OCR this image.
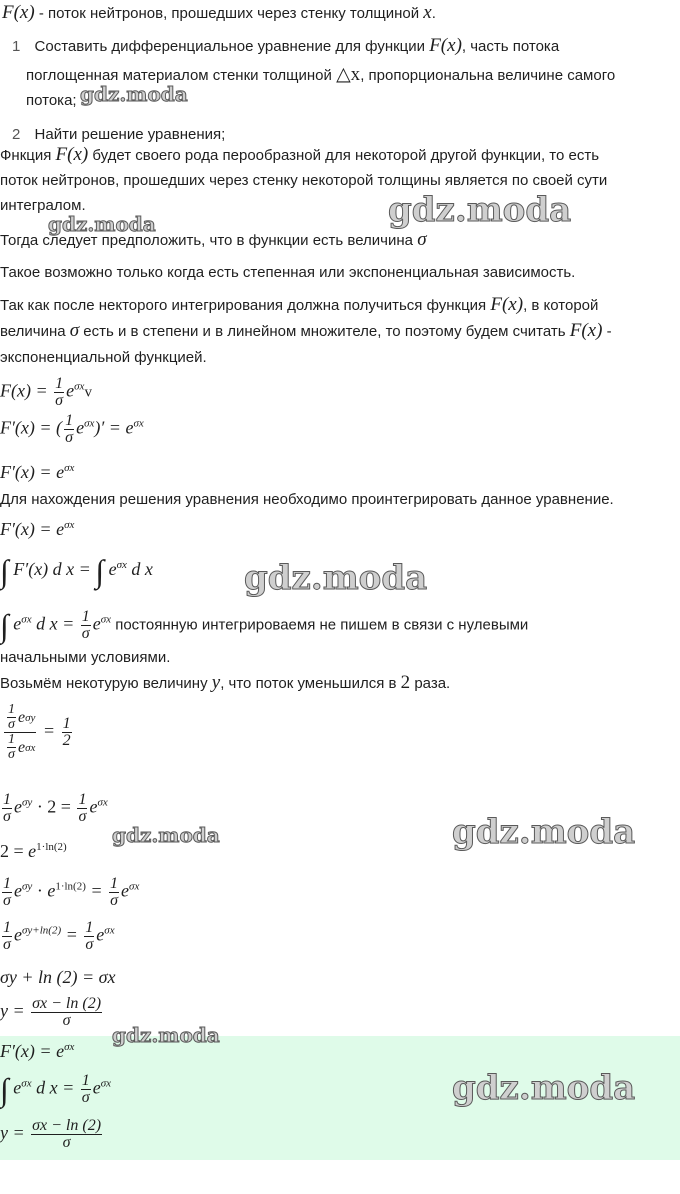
F(x) - поток нейтронов, прошедших через стенку толщиной x.
1 Составить дифференциальное уравнение для функции F(x), часть потока
поглощенная материалом стенки толщиной △x, пропорциональна величине самого
потока;
2 Найти решение уравнения;
Фнкция F(x) будет своего рода перообразной для некоторой другой функции, то есть
поток нейтронов, прошедших через стенку некоторой толщины является по своей сути
интегралом.
Тогда следует предположить, что в функции есть величина σ
Такое возможно только когда есть степенная или экспоненциальная зависимость.
Так как после некторого интегрирования должна получиться функция F(x), в которой
величина σ есть и в степени и в линейном множителе, то поэтому будем считать F(x) -
экспоненциальной функцией.
$F(x) = \frac{1}{\sigma} e^{\sigma x}v$
F′(x) = ( $\frac{1}{\sigma} e^{\sigma x})' = e^{\sigma x}$
$F'(x) = e^{\sigma x}$
Для нахождения решения уравнения необходимо проинтегрировать данное уравнение.
$F'(x) = e^{\sigma x}$
∫ F′(x) d x = ∫ $e^{\sigma x}$ d x
∫ $e^{\sigma x}$ d $x = \frac{1}{\sigma} e^{\sigma x}$ постоянную интегрироваемя не пишем в связи с нулевыми
начальными условиями.
Возьмём некотурую величину y, что поток уменьшился в 2 раза.
$\frac{\frac{1}{\sigma} e \sigma y}{\frac{1}{\sigma} e \sigma x} = \frac{1}{2}$
$\frac{1}{\sigma} e^{\sigma y} \cdot 2 = \frac{1}{\sigma} e^{\sigma x}$
$2 = e^{1\cdot ln(2)}$
$\frac{1}{\sigma} e^{\sigma y} \cdot e^{1\cdot ln(2)} = \frac{1}{\sigma} e^{\sigma x}$
$\frac{1}{\sigma} e^{\sigma y+ln(2)} = \frac{1}{\sigma} e^{\sigma x}$
σy + ln (2) = σx
$y = \frac{\sigma x - \ln (2)}{\sigma}$
$F'(x) = e^{\sigma x}$
∫ $e^{\sigma x}$ d $x = \frac{1}{\sigma} e^{\sigma x}$
$y = \frac{\sigma x - \ln (2)}{\sigma}$
gdz.moda
gdz.moda
gdz.moda
gdz.moda
gdz.moda	gdz.moda
gdz.moda
gdz.moda
